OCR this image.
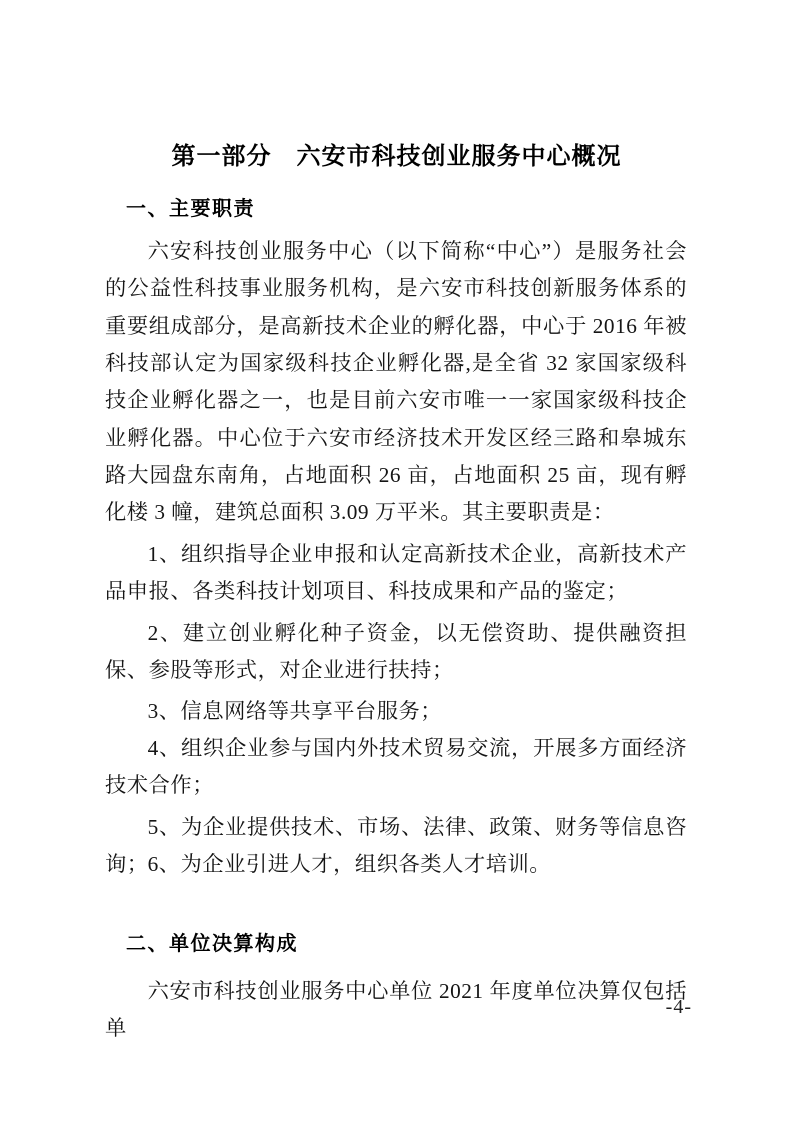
第一部分　六安市科技创业服务中心概况
一、主要职责

六安科技创业服务中心（以下简称“中心”）是服务社会的公益性科技事业服务机构，是六安市科技创新服务体系的重要组成部分，是高新技术企业的孵化器，中心于 2016 年被科技部认定为国家级科技企业孵化器,是全省 32 家国家级科技企业孵化器之一，也是目前六安市唯一一家国家级科技企业孵化器。中心位于六安市经济技术开发区经三路和皋城东路大园盘东南角，占地面积 26 亩，占地面积 25 亩，现有孵化楼 3 幢，建筑总面积 3.09 万平米。其主要职责是：

1、组织指导企业申报和认定高新技术企业，高新技术产品申报、各类科技计划项目、科技成果和产品的鉴定；

2、建立创业孵化种子资金，以无偿资助、提供融资担保、参股等形式，对企业进行扶持；

3、信息网络等共享平台服务；

4、组织企业参与国内外技术贸易交流，开展多方面经济技术合作；

5、为企业提供技术、市场、法律、政策、财务等信息咨询；

6、为企业引进人才，组织各类人才培训。

二、单位决算构成

六安市科技创业服务中心单位 2021 年度单位决算仅包括单

-4-
